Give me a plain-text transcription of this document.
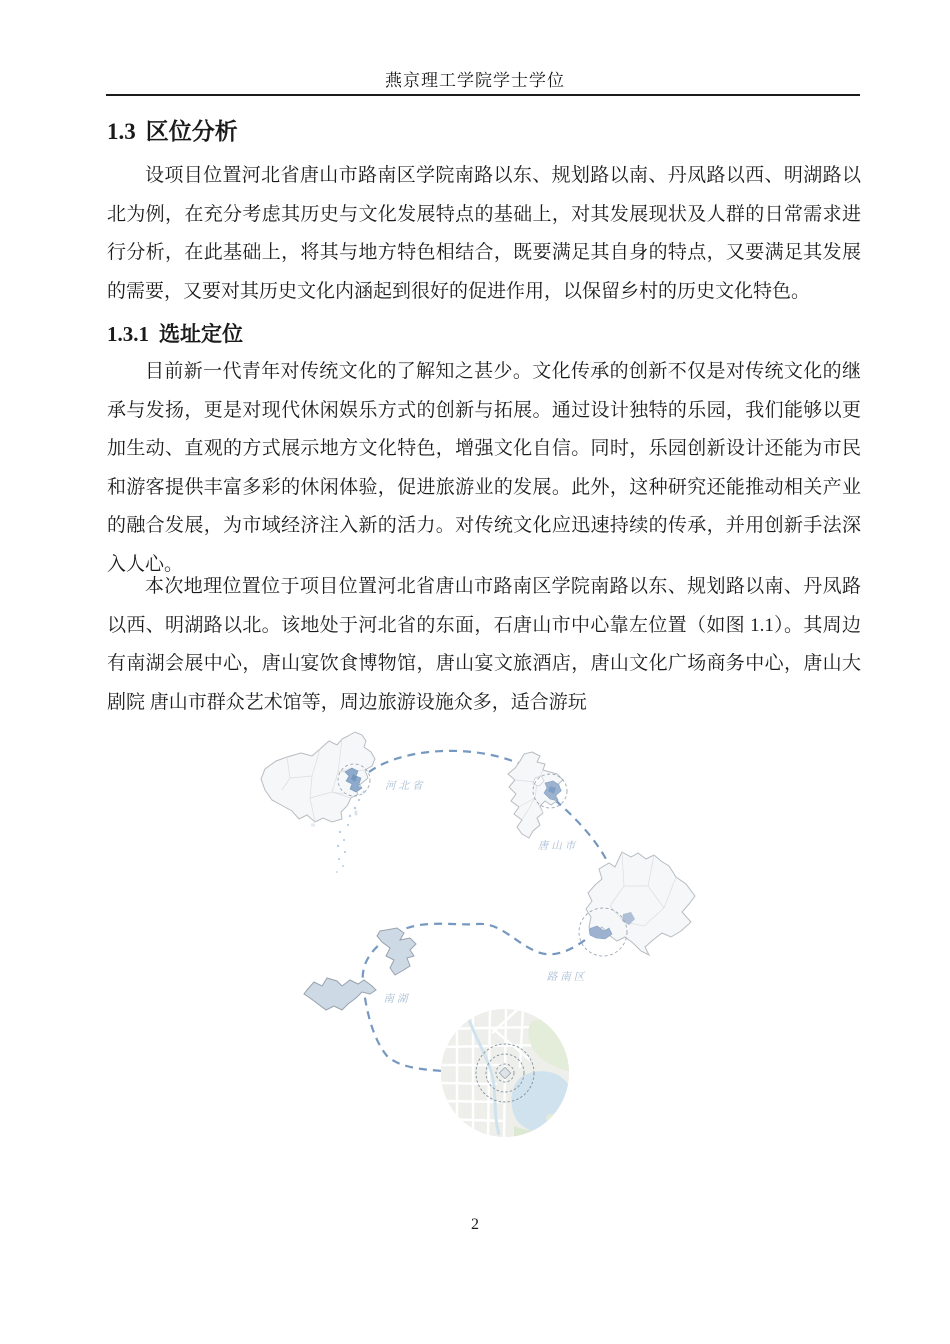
燕京理工学院学士学位
1.3 区位分析
设项目位置河北省唐山市路南区学院南路以东、规划路以南、丹凤路以西、明湖路以北为例，在充分考虑其历史与文化发展特点的基础上，对其发展现状及人群的日常需求进行分析，在此基础上，将其与地方特色相结合，既要满足其自身的特点，又要满足其发展的需要，又要对其历史文化内涵起到很好的促进作用，以保留乡村的历史文化特色。
1.3.1 选址定位
目前新一代青年对传统文化的了解知之甚少。文化传承的创新不仅是对传统文化的继承与发扬，更是对现代休闲娱乐方式的创新与拓展。通过设计独特的乐园，我们能够以更加生动、直观的方式展示地方文化特色，增强文化自信。同时，乐园创新设计还能为市民和游客提供丰富多彩的休闲体验，促进旅游业的发展。此外，这种研究还能推动相关产业的融合发展，为市域经济注入新的活力。对传统文化应迅速持续的传承，并用创新手法深入人心。
本次地理位置位于项目位置河北省唐山市路南区学院南路以东、规划路以南、丹凤路以西、明湖路以北。该地处于河北省的东面，石唐山市中心靠左位置（如图 1.1）。其周边有南湖会展中心，唐山宴饮食博物馆，唐山宴文旅酒店，唐山文化广场商务中心，唐山大剧院 唐山市群众艺术馆等，周边旅游设施众多，适合游玩
河北省
唐山市
路南区
南湖
2
